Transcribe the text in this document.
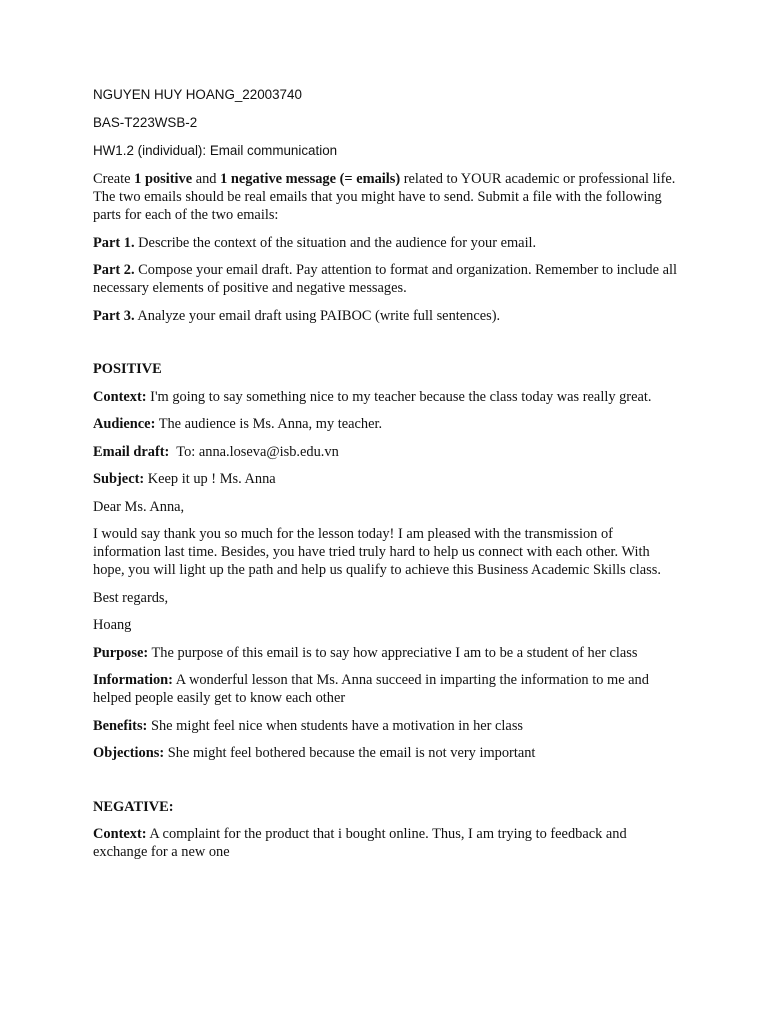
NGUYEN HUY HOANG_22003740

BAS-T223WSB-2

HW1.2 (individual): Email communication

Create 1 positive and 1 negative message (= emails) related to YOUR academic or professional life. The two emails should be real emails that you might have to send. Submit a file with the following parts for each of the two emails:

Part 1. Describe the context of the situation and the audience for your email.

Part 2. Compose your email draft. Pay attention to format and organization. Remember to include all necessary elements of positive and negative messages.

Part 3. Analyze your email draft using PAIBOC (write full sentences).

POSITIVE

Context: I'm going to say something nice to my teacher because the class today was really great.

Audience: The audience is Ms. Anna, my teacher.

Email draft:  To: anna.loseva@isb.edu.vn

Subject: Keep it up ! Ms. Anna

Dear Ms. Anna,

I would say thank you so much for the lesson today! I am pleased with the transmission of information last time. Besides, you have tried truly hard to help us connect with each other. With hope, you will light up the path and help us qualify to achieve this Business Academic Skills class.

Best regards,

Hoang

Purpose: The purpose of this email is to say how appreciative I am to be a student of her class

Information: A wonderful lesson that Ms. Anna succeed in imparting the information to me and helped people easily get to know each other

Benefits: She might feel nice when students have a motivation in her class

Objections: She might feel bothered because the email is not very important

NEGATIVE:

Context: A complaint for the product that i bought online. Thus, I am trying to feedback and exchange for a new one
